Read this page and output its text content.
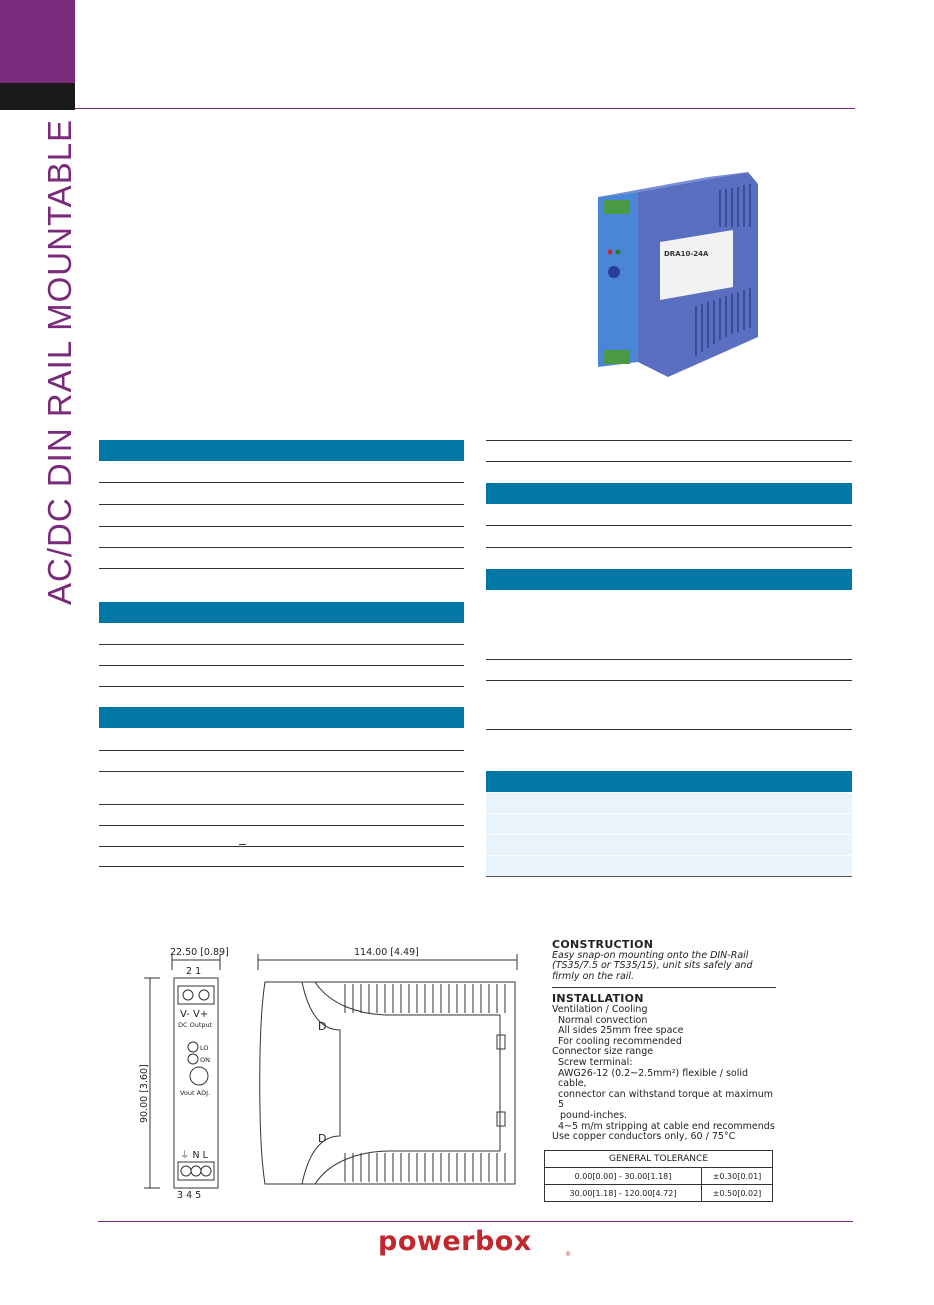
AC/DC DIN RAIL MOUNTABLE	DRA10-24A
22.50 [0.89]	114.00 [4.49]
2 1
3 4 5
⏚ N L
V- V+
DC Output
LO
ON
Vout ADJ.
D
D
90.00 [3.60]
CONSTRUCTION
Easy snap-on mounting onto the DIN-Rail
(TS35/7.5 or TS35/15), unit sits safely and
firmly on the rail.
INSTALLATION
Ventilation / Cooling
Normal convection
All sides 25mm free space
For cooling recommended
Connector size range
Screw terminal:
AWG26-12 (0.2~2.5mm²) flexible / solid cable,
connector can withstand torque at maximum 5
pound-inches.
4~5 m/m stripping at cable end recommends
Use copper conductors only, 60 / 75°C
GENERAL TOLERANCE	
0.00[0.00] - 30.00[1.18]	±0.30[0.01]
30.00[1.18] - 120.00[4.72]	±0.50[0.02]
powerbox	®
